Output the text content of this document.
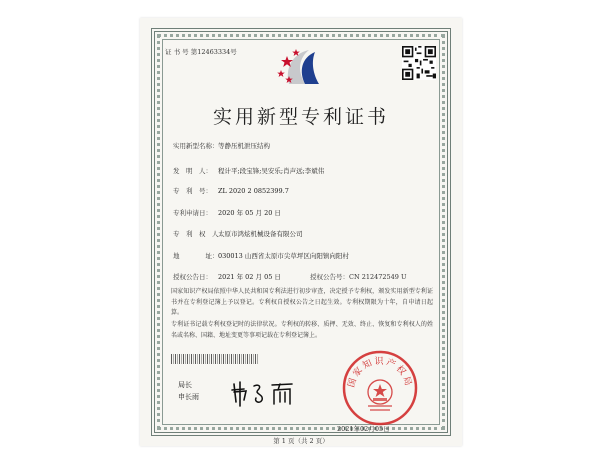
证 书 号 第12463334号
实用新型专利证书
实用新型名称：等静压机泄压结构
发　明　人： 程计平;段宝锋;吴安乐;肖声远;李斌伟
专　利　号： ZL 2020 2 0852399.7
专利申请日： 2020 年 05 月 20 日
专　利　权　人：太原市鸿炫机械设备有限公司
地　　　　址：030013 山西省太原市尖草坪区向阳镇向阳村
授权公告日： 2021 年 02 月 05 日	授权公告号：CN 212472549 U
国家知识产权局依照中华人民共和国专利法进行初步审查，决定授予专利权，颁发实用新型专利证书并在专利登记簿上予以登记。专利权自授权公告之日起生效。专利权期限为十年，自申请日起算。
专利证书记载专利权登记时的法律状况。专利权的转移、质押、无效、终止、恢复和专利权人的姓名或名称、国籍、地址变更等事项记载在专利登记簿上。
局长
申长雨
国家知识产权局
2021年02月05日
第 1 页（共 2 页）
